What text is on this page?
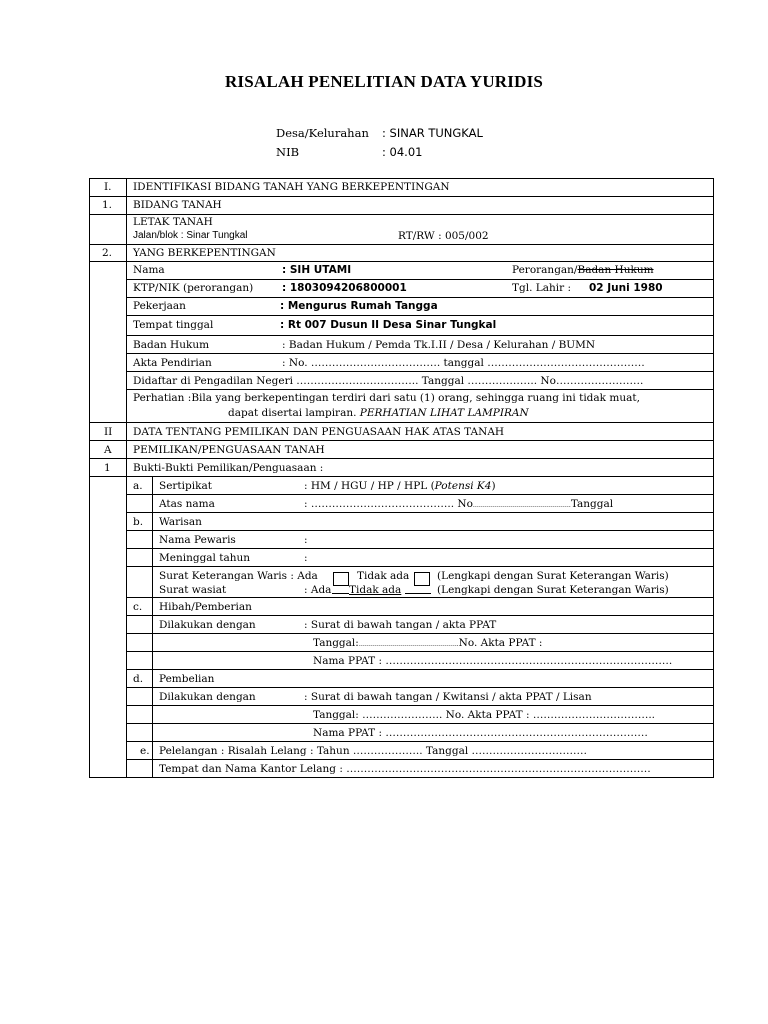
RISALAH PENELITIAN DATA YURIDIS
Desa/Kelurahan : SINAR TUNGKAL
NIB	: 04.01
I. IDENTIFIKASI BIDANG TANAH YANG BERKEPENTINGAN
1. BIDANG TANAH
LETAK TANAH
Jalan/blok : Sinar Tungkal	RT/RW : 005/002
2. YANG BERKEPENTINGAN
Nama	: SIH UTAMI	Perorangan/Badan Hukum
KTP/NIK (perorangan)	: 1803094206800001	Tgl. Lahir : 02 Juni 1980
Pekerjaan	: Mengurus Rumah Tangga
Tempat tinggal	: Rt 007 Dusun II Desa Sinar Tungkal
Badan Hukum	: Badan Hukum / Pemda Tk.I.II / Desa / Kelurahan / BUMN
Akta Pendirian	: No. ………………………………. tanggal ………………………………………
Didaftar di Pengadilan Negeri …………………………….. Tanggal ……………….. No…………………….
Perhatian :Bila yang berkepentingan terdiri dari satu (1) orang, sehingga ruang ini tidak muat,
dapat disertai lampiran. PERHATIAN LIHAT LAMPIRAN
II DATA TENTANG PEMILIKAN DAN PENGUASAAN HAK ATAS TANAH
A PEMILIKAN/PENGUASAAN TANAH
1 Bukti-Bukti Pemilikan/Penguasaan :
a. Sertipikat	: HM / HGU / HP / HPL (Potensi K4)
Atas nama	: ………………………………….. No………………………………………….Tanggal
b. Warisan
Nama Pewaris	:
Meninggal tahun	:
Surat Keterangan Waris : Ada	Tidak ada	(Lengkapi dengan Surat Keterangan Waris)
Surat wasiat	: Ada Tidak ada	(Lengkapi dengan Surat Keterangan Waris)
c. Hibah/Pemberian
Dilakukan dengan	: Surat di bawah tangan / akta PPAT
Tanggal:…………………………………………..No. Akta PPAT :
Nama PPAT : ……………………………………………………………………….
d. Pembelian
Dilakukan dengan	: Surat di bawah tangan / Kwitansi / akta PPAT / Lisan
Tanggal: ………………….. No. Akta PPAT : ……………………………..
Nama PPAT : …………………………………………………………………
e. Pelelangan : Risalah Lelang : Tahun ……………….. Tanggal ……………………………
Tempat dan Nama Kantor Lelang : ……………………………………………………………………………
